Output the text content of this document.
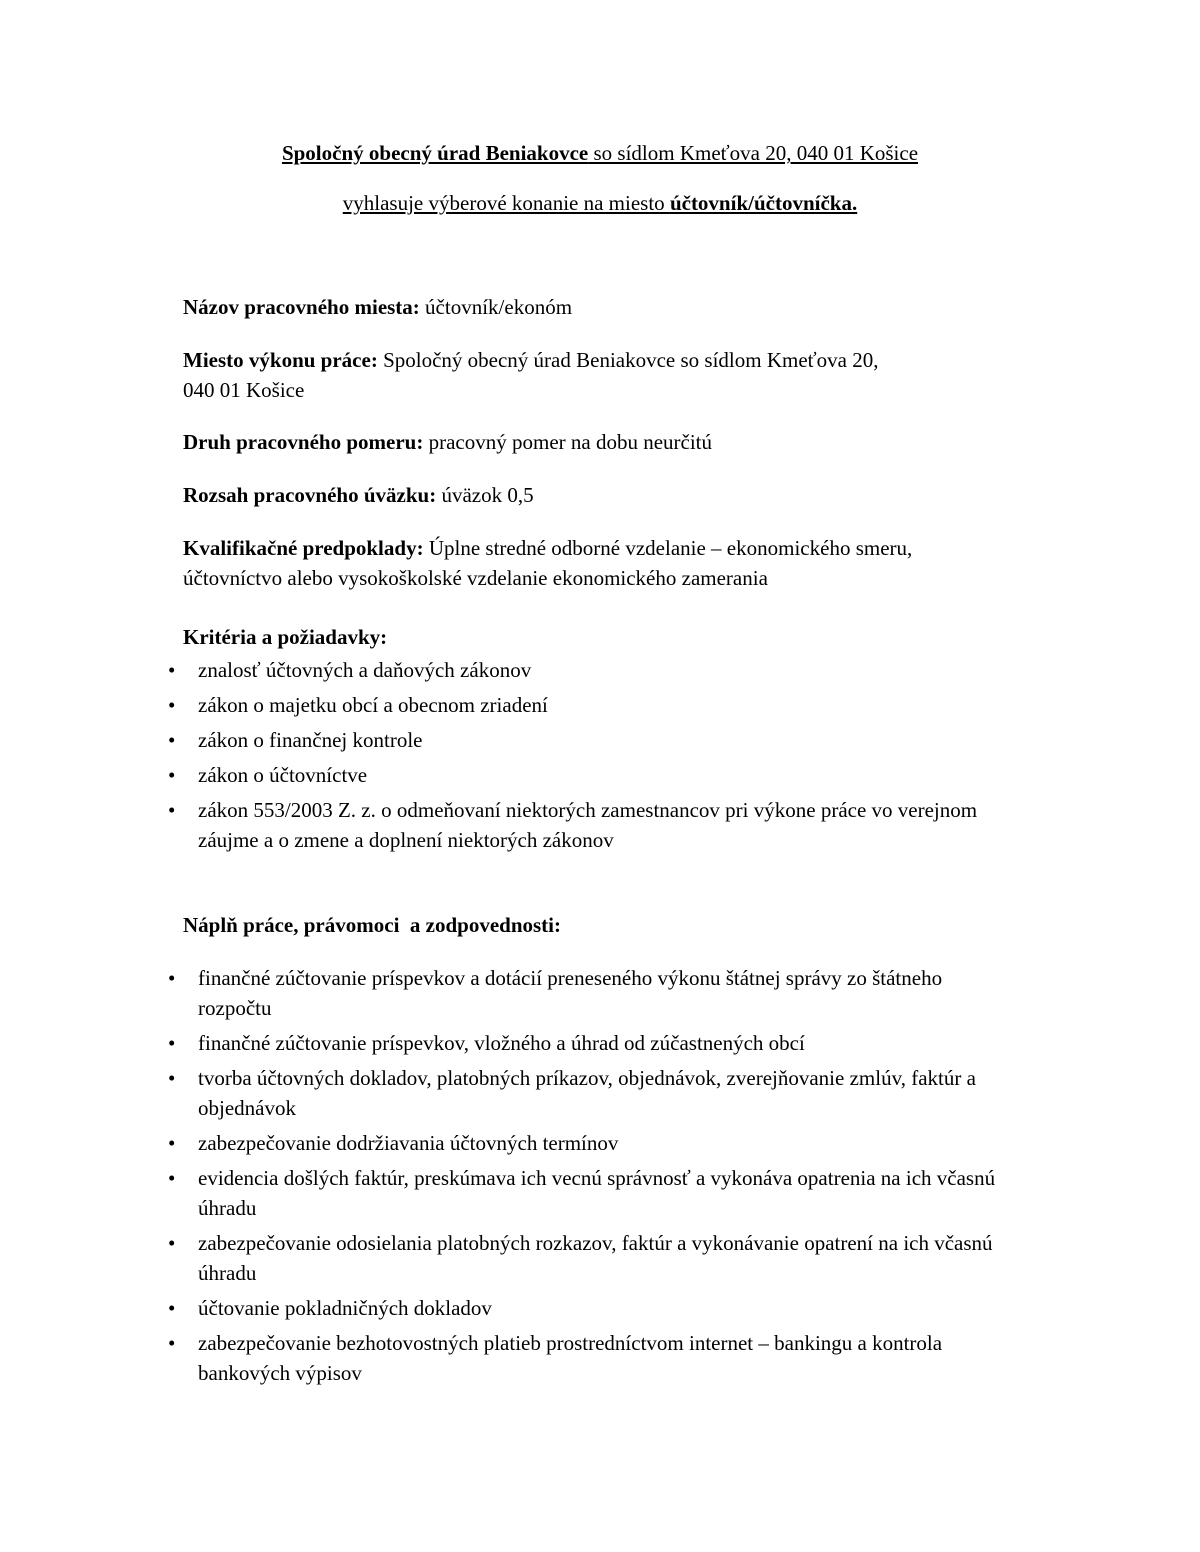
Spoločný obecný úrad Beniakovce so sídlom Kmeťova 20, 040 01 Košice

vyhlasuje výberové konanie na miesto účtovník/účtovníčka.

Názov pracovného miesta: účtovník/ekonóm

Miesto výkonu práce: Spoločný obecný úrad Beniakovce so sídlom Kmeťova 20,
040 01 Košice

Druh pracovného pomeru: pracovný pomer na dobu neurčitú

Rozsah pracovného úväzku: úväzok 0,5

Kvalifikačné predpoklady: Úplne stredné odborné vzdelanie – ekonomického smeru, účtovníctvo alebo vysokoškolské vzdelanie ekonomického zamerania

Kritéria a požiadavky:

• znalosť účtovných a daňových zákonov
• zákon o majetku obcí a obecnom zriadení
• zákon o finančnej kontrole
• zákon o účtovníctve
• zákon 553/2003 Z. z. o odmeňovaní niektorých zamestnancov pri výkone práce vo verejnom záujme a o zmene a doplnení niektorých zákonov

Náplň práce, právomoci  a zodpovednosti:

• finančné zúčtovanie príspevkov a dotácií preneseného výkonu štátnej správy zo štátneho rozpočtu
• finančné zúčtovanie príspevkov, vložného a úhrad od zúčastnených obcí
• tvorba účtovných dokladov, platobných príkazov, objednávok, zverejňovanie zmlúv, faktúr a objednávok
• zabezpečovanie dodržiavania účtovných termínov
• evidencia došlých faktúr, preskúmava ich vecnú správnosť a vykonáva opatrenia na ich včasnú úhradu
• zabezpečovanie odosielania platobných rozkazov, faktúr a vykonávanie opatrení na ich včasnú úhradu
• účtovanie pokladničných dokladov
• zabezpečovanie bezhotovostných platieb prostredníctvom internet – bankingu a kontrola bankových výpisov
